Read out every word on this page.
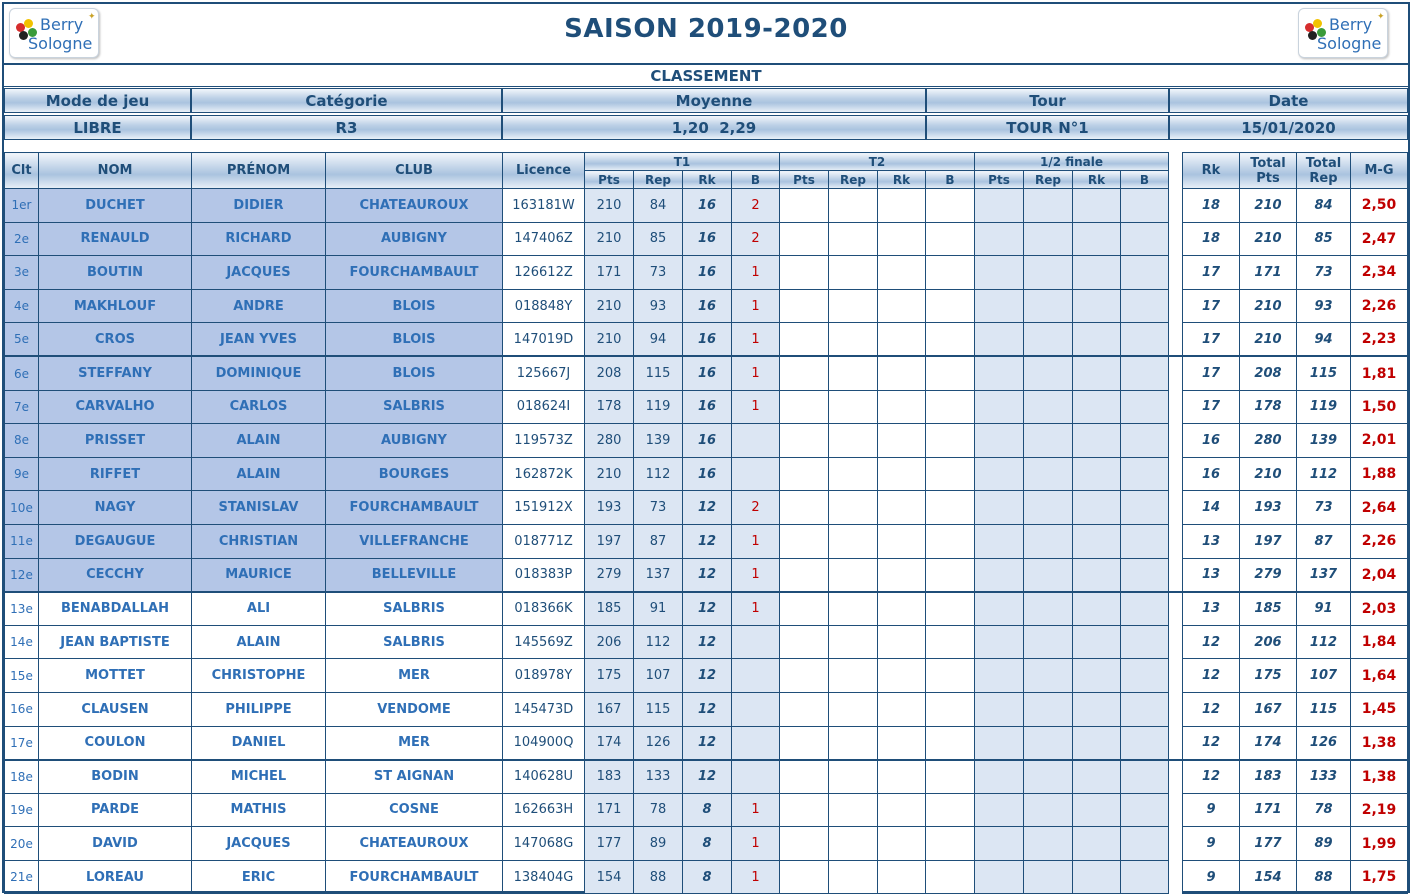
Berry
Sologne
✦	Berry
Sologne
✦
SAISON 2019-2020
CLASSEMENT
Mode de jeu	Catégorie	Moyenne	Tour	Date
LIBRE	R3	1,20  2,29	TOUR N°1	15/01/2020
Clt	NOM	PRÉNOM	CLUB	Licence	T1				T2				1/2 finale					Rk	Total Pts	Total Rep	M-G
					Pts	Rep	Rk	B	Pts	Rep	Rk	B	Pts	Rep	Rk	B					
1er	DUCHET	DIDIER	CHATEAUROUX	163181W	210	84	16	2										18	210	84	2,50
2e	RENAULD	RICHARD	AUBIGNY	147406Z	210	85	16	2										18	210	85	2,47
3e	BOUTIN	JACQUES	FOURCHAMBAULT	126612Z	171	73	16	1										17	171	73	2,34
4e	MAKHLOUF	ANDRE	BLOIS	018848Y	210	93	16	1										17	210	93	2,26
5e	CROS	JEAN YVES	BLOIS	147019D	210	94	16	1										17	210	94	2,23
6e	STEFFANY	DOMINIQUE	BLOIS	125667J	208	115	16	1										17	208	115	1,81
7e	CARVALHO	CARLOS	SALBRIS	018624I	178	119	16	1										17	178	119	1,50
8e	PRISSET	ALAIN	AUBIGNY	119573Z	280	139	16											16	280	139	2,01
9e	RIFFET	ALAIN	BOURGES	162872K	210	112	16											16	210	112	1,88
10e	NAGY	STANISLAV	FOURCHAMBAULT	151912X	193	73	12	2										14	193	73	2,64
11e	DEGAUGUE	CHRISTIAN	VILLEFRANCHE	018771Z	197	87	12	1										13	197	87	2,26
12e	CECCHY	MAURICE	BELLEVILLE	018383P	279	137	12	1										13	279	137	2,04
13e	BENABDALLAH	ALI	SALBRIS	018366K	185	91	12	1										13	185	91	2,03
14e	JEAN BAPTISTE	ALAIN	SALBRIS	145569Z	206	112	12											12	206	112	1,84
15e	MOTTET	CHRISTOPHE	MER	018978Y	175	107	12											12	175	107	1,64
16e	CLAUSEN	PHILIPPE	VENDOME	145473D	167	115	12											12	167	115	1,45
17e	COULON	DANIEL	MER	104900Q	174	126	12											12	174	126	1,38
18e	BODIN	MICHEL	ST AIGNAN	140628U	183	133	12											12	183	133	1,38
19e	PARDE	MATHIS	COSNE	162663H	171	78	8	1										9	171	78	2,19
20e	DAVID	JACQUES	CHATEAUROUX	147068G	177	89	8	1										9	177	89	1,99
21e	LOREAU	ERIC	FOURCHAMBAULT	138404G	154	88	8	1										9	154	88	1,75
